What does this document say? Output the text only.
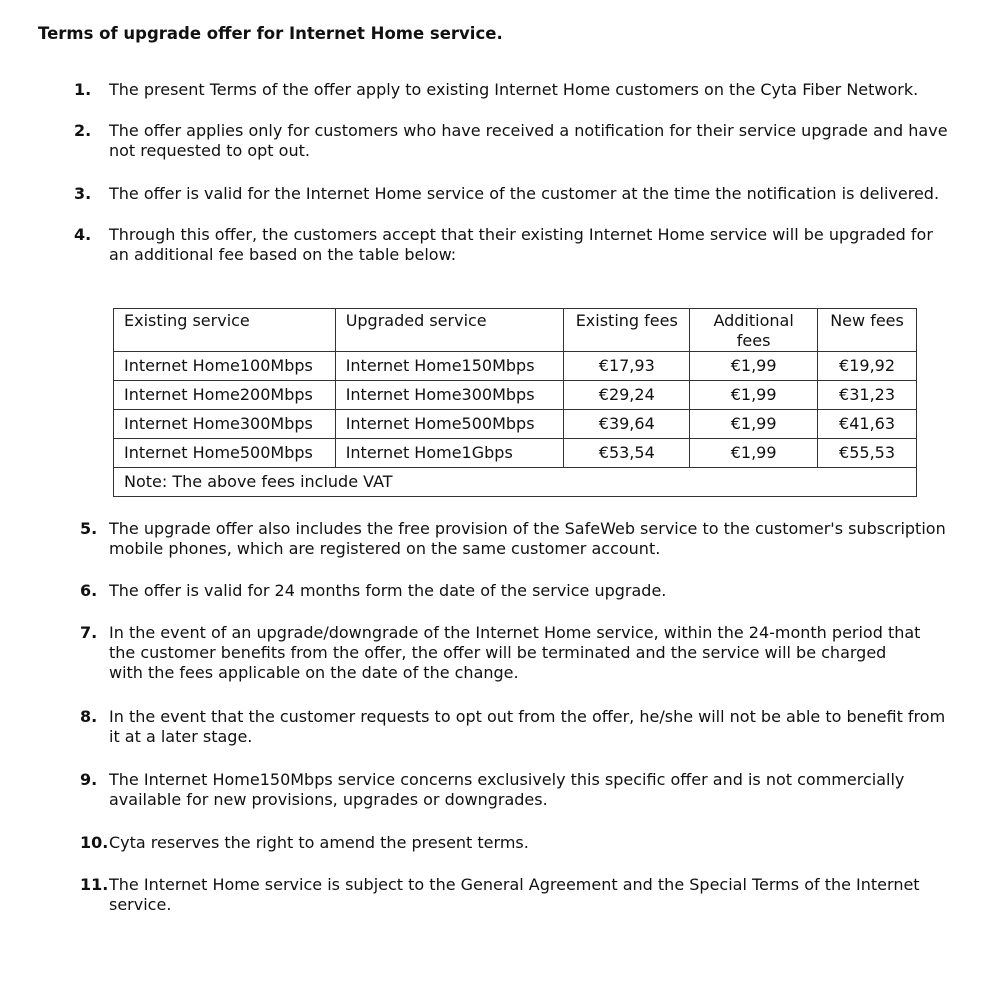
Terms of upgrade offer for Internet Home service.
1. The present Terms of the offer apply to existing Internet Home customers on the Cyta Fiber Network.
2. The offer applies only for customers who have received a notification for their service upgrade and have not requested to opt out.
3. The offer is valid for the Internet Home service of the customer at the time the notification is delivered.
4. Through this offer, the customers accept that their existing Internet Home service will be upgraded for an additional fee based on the table below:
Existing service	Upgraded service	Existing fees	Additional fees	New fees
Internet Home100Mbps	Internet Home150Mbps	€17,93	€1,99	€19,92
Internet Home200Mbps	Internet Home300Mbps	€29,24	€1,99	€31,23
Internet Home300Mbps	Internet Home500Mbps	€39,64	€1,99	€41,63
Internet Home500Mbps	Internet Home1Gbps	€53,54	€1,99	€55,53
Note: The above fees include VAT				
5. The upgrade offer also includes the free provision of the SafeWeb service to the customer's subscription mobile phones, which are registered on the same customer account.
6. The offer is valid for 24 months form the date of the service upgrade.
7. In the event of an upgrade/downgrade of the Internet Home service, within the 24-month period that the customer benefits from the offer, the offer will be terminated and the service will be charged with the fees applicable on the date of the change.
8. In the event that the customer requests to opt out from the offer, he/she will not be able to benefit from it at a later stage.
9. The Internet Home150Mbps service concerns exclusively this specific offer and is not commercially available for new provisions, upgrades or downgrades.
10. Cyta reserves the right to amend the present terms.
11. The Internet Home service is subject to the General Agreement and the Special Terms of the Internet service.
